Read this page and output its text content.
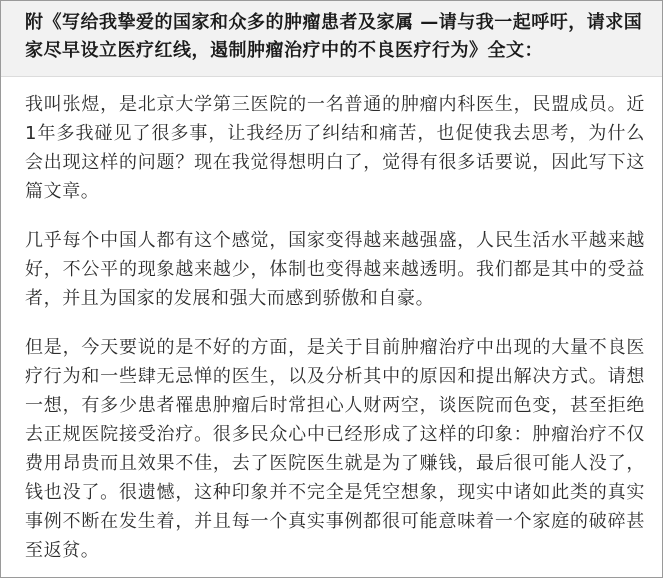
附《写给我挚爱的国家和众多的肿瘤患者及家属 —请与我一起呼吁，请求国家尽早设立医疗红线，遏制肿瘤治疗中的不良医疗行为》全文：

我叫张煜，是北京大学第三医院的一名普通的肿瘤内科医生，民盟成员。近1年多我碰见了很多事，让我经历了纠结和痛苦，也促使我去思考，为什么会出现这样的问题？现在我觉得想明白了，觉得有很多话要说，因此写下这篇文章。

几乎每个中国人都有这个感觉，国家变得越来越强盛，人民生活水平越来越好，不公平的现象越来越少，体制也变得越来越透明。我们都是其中的受益者，并且为国家的发展和强大而感到骄傲和自豪。

但是，今天要说的是不好的方面，是关于目前肿瘤治疗中出现的大量不良医疗行为和一些肆无忌惮的医生，以及分析其中的原因和提出解决方式。请想一想，有多少患者罹患肿瘤后时常担心人财两空，谈医院而色变，甚至拒绝去正规医院接受治疗。很多民众心中已经形成了这样的印象：肿瘤治疗不仅费用昂贵而且效果不佳，去了医院医生就是为了赚钱，最后很可能人没了，钱也没了。很遗憾，这种印象并不完全是凭空想象，现实中诸如此类的真实事例不断在发生着，并且每一个真实事例都很可能意味着一个家庭的破碎甚至返贫。
